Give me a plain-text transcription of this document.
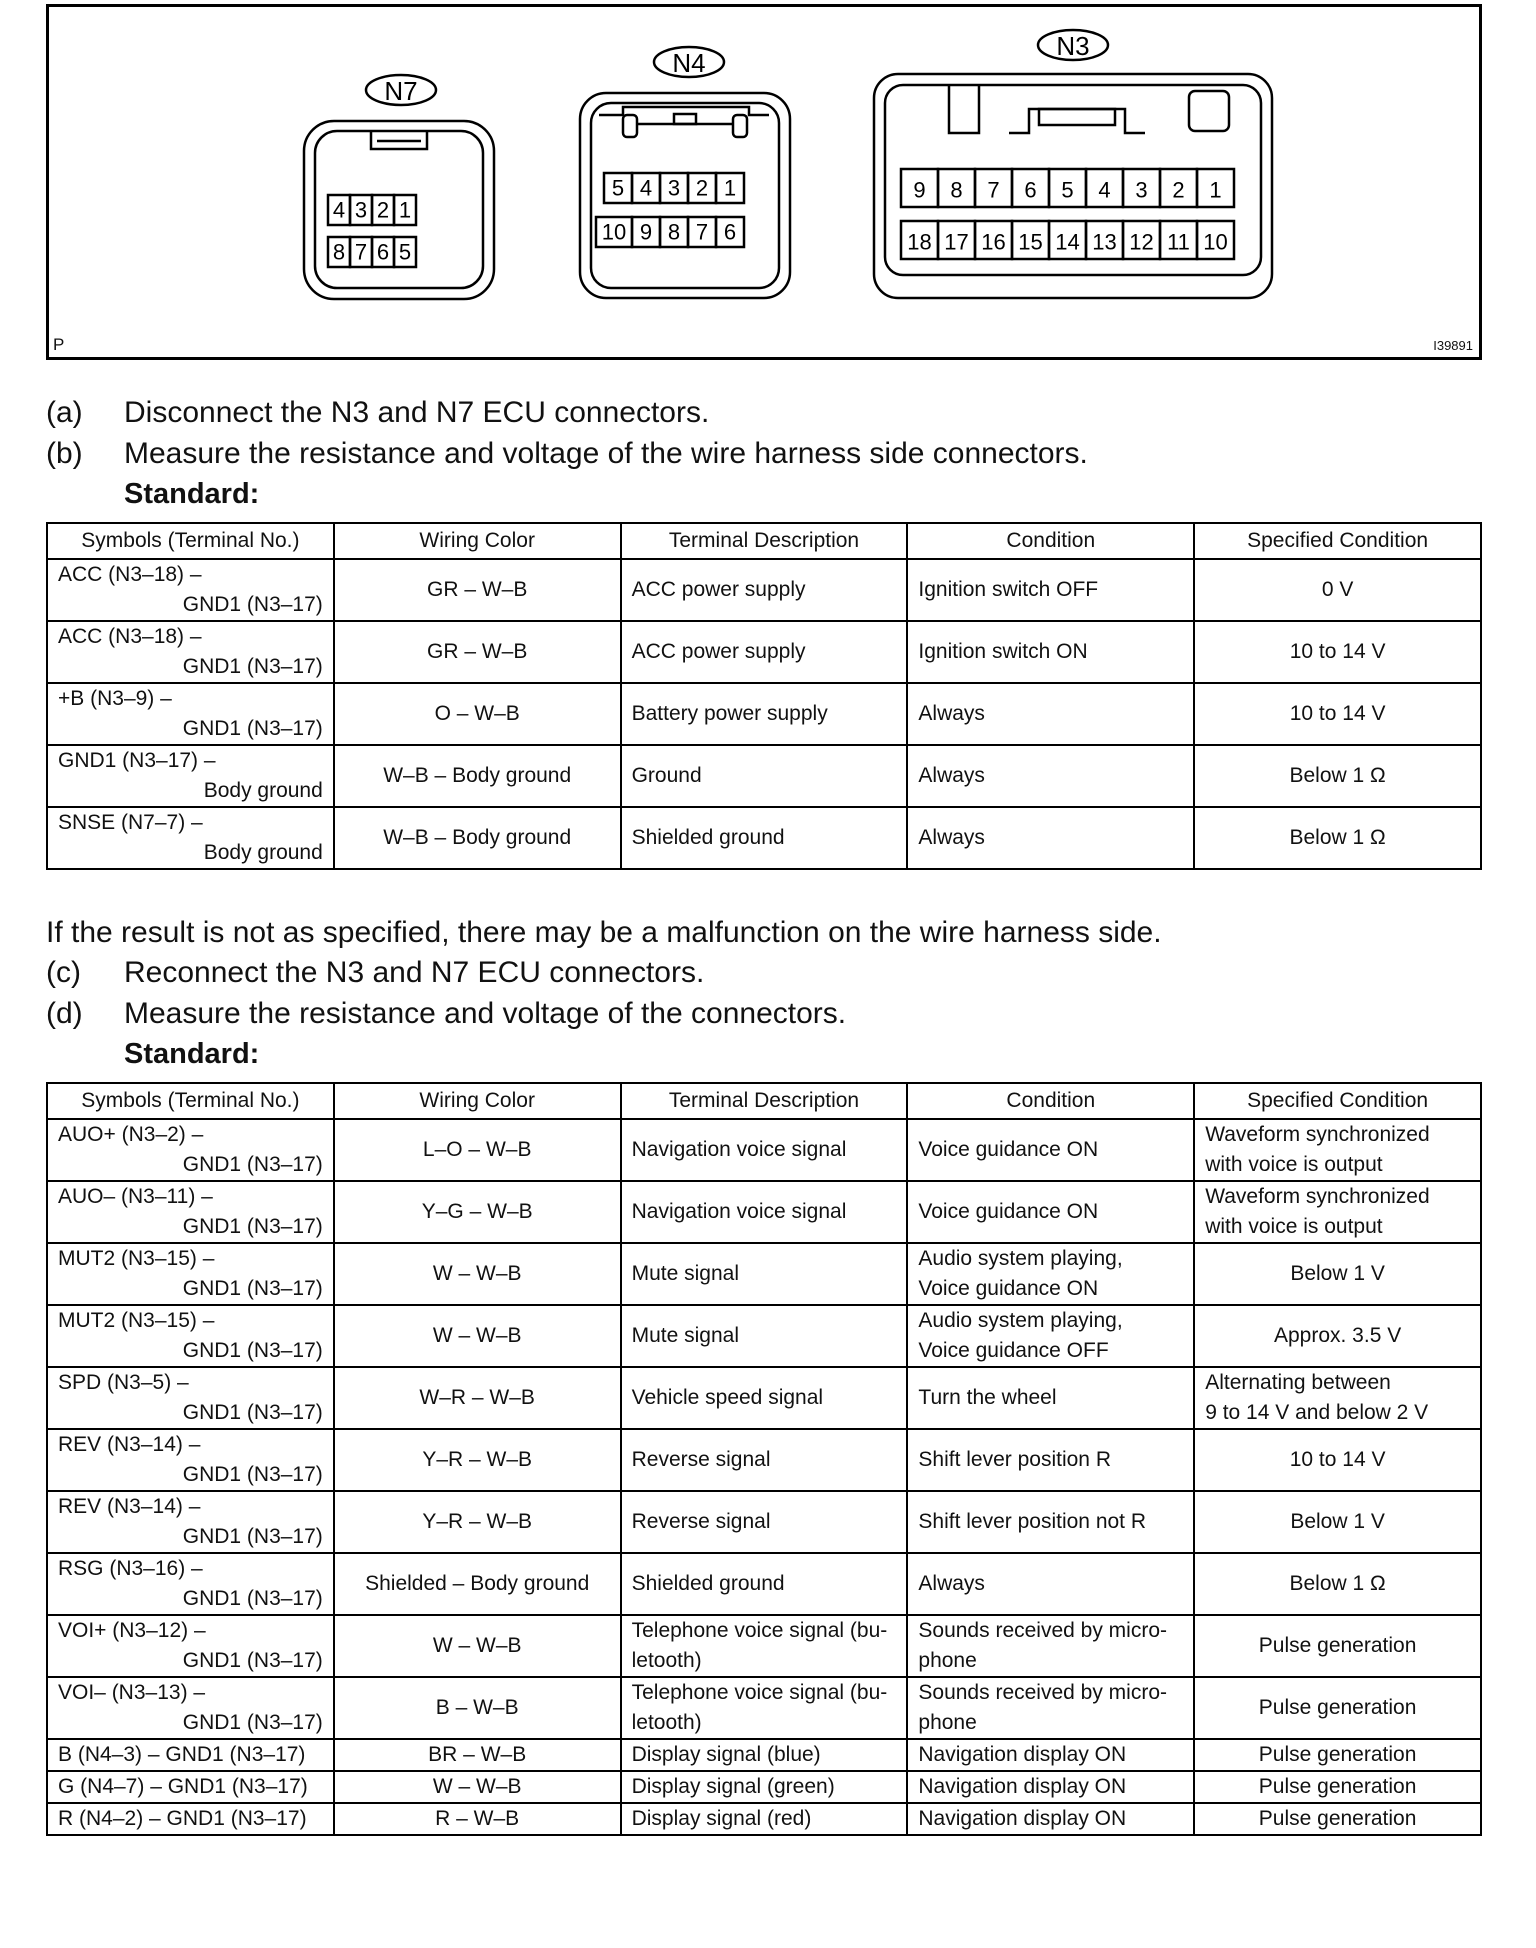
N7
N4
N3
4 3 2 1
8 7 6 5
5 4 3 2 1
10 9 8 7 6
9 8 7 6 5 4 3 2 1
18 17 16 15 14 13 12 11 10
P	I39891
(a) Disconnect the N3 and N7 ECU connectors.
(b) Measure the resistance and voltage of the wire harness side connectors.
Standard:
Symbols (Terminal No.)	Wiring Color	Terminal Description	Condition	Specified Condition

ACC (N3–18) –
GND1 (N3–17)	GR – W–B	ACC power supply	Ignition switch OFF	0 V

ACC (N3–18) –
GND1 (N3–17)	GR – W–B	ACC power supply	Ignition switch ON	10 to 14 V

+B (N3–9) –
GND1 (N3–17)	O – W–B	Battery power supply	Always	10 to 14 V

GND1 (N3–17) –
Body ground	W–B – Body ground	Ground	Always	Below 1 Ω

SNSE (N7–7) –
Body ground	W–B – Body ground	Shielded ground	Always	Below 1 Ω
If the result is not as specified, there may be a malfunction on the wire harness side.
(c) Reconnect the N3 and N7 ECU connectors.
(d) Measure the resistance and voltage of the connectors.
Standard:
Symbols (Terminal No.)	Wiring Color	Terminal Description	Condition	Specified Condition

AUO+ (N3–2) –
GND1 (N3–17)	L–O – W–B	Navigation voice signal	Voice guidance ON	Waveform synchronized
with voice is output

AUO– (N3–11) –
GND1 (N3–17)	Y–G – W–B	Navigation voice signal	Voice guidance ON	Waveform synchronized
with voice is output

MUT2 (N3–15) –
GND1 (N3–17)	W – W–B	Mute signal	Audio system playing,
Voice guidance ON	Below 1 V

MUT2 (N3–15) –
GND1 (N3–17)	W – W–B	Mute signal	Audio system playing,
Voice guidance OFF	Approx. 3.5 V

SPD (N3–5) –
GND1 (N3–17)	W–R – W–B	Vehicle speed signal	Turn the wheel	Alternating between
9 to 14 V and below 2 V

REV (N3–14) –
GND1 (N3–17)	Y–R – W–B	Reverse signal	Shift lever position R	10 to 14 V

REV (N3–14) –
GND1 (N3–17)	Y–R – W–B	Reverse signal	Shift lever position not R	Below 1 V

RSG (N3–16) –
GND1 (N3–17)	Shielded – Body ground	Shielded ground	Always	Below 1 Ω

VOI+ (N3–12) –
GND1 (N3–17)	W – W–B	Telephone voice signal (bu-
letooth)	Sounds received by micro-
phone	Pulse generation

VOI– (N3–13) –
GND1 (N3–17)	B – W–B	Telephone voice signal (bu-
letooth)	Sounds received by micro-
phone	Pulse generation

B (N4–3) – GND1 (N3–17)	BR – W–B	Display signal (blue)	Navigation display ON	Pulse generation

G (N4–7) – GND1 (N3–17)	W – W–B	Display signal (green)	Navigation display ON	Pulse generation

R (N4–2) – GND1 (N3–17)	R – W–B	Display signal (red)	Navigation display ON	Pulse generation
